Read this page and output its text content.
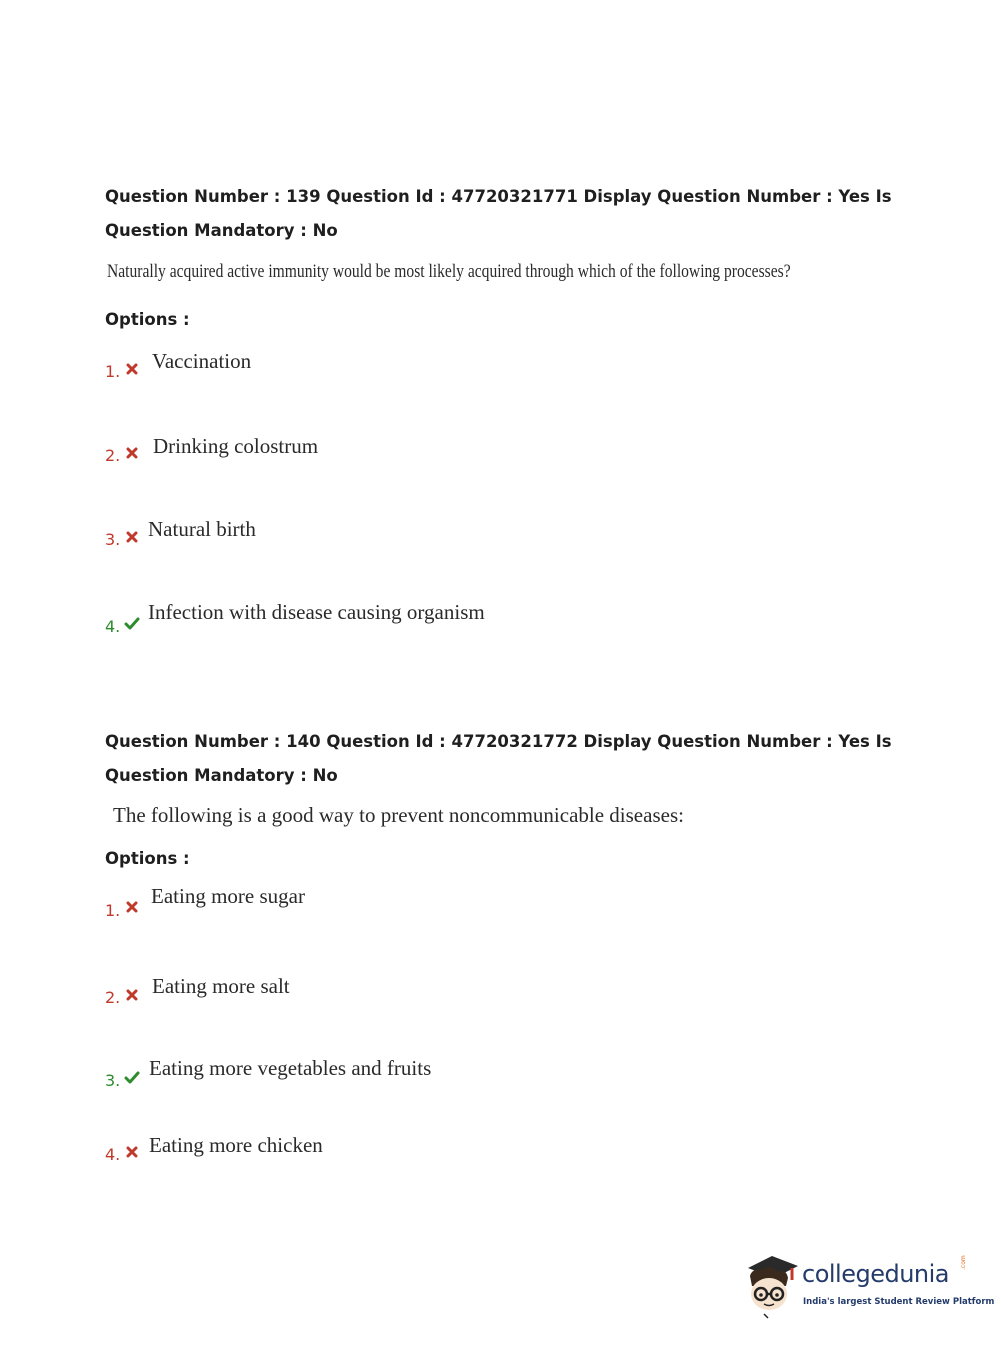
Question Number : 139 Question Id : 47720321771 Display Question Number : Yes Is Question Mandatory : No
Naturally acquired active immunity would be most likely acquired through which of the following processes?
Options :
1. Vaccination
2. Drinking colostrum
3. Natural birth
4.
Infection with disease causing organism
Question Number : 140 Question Id : 47720321772 Display Question Number : Yes Is Question Mandatory : No
The following is a good way to prevent noncommunicable diseases:
Options :
1.
Eating more sugar
2. Eating more salt
3.
Eating more vegetables and fruits
4. Eating more chicken
collegedunia .com
India's largest Student Review Platform
